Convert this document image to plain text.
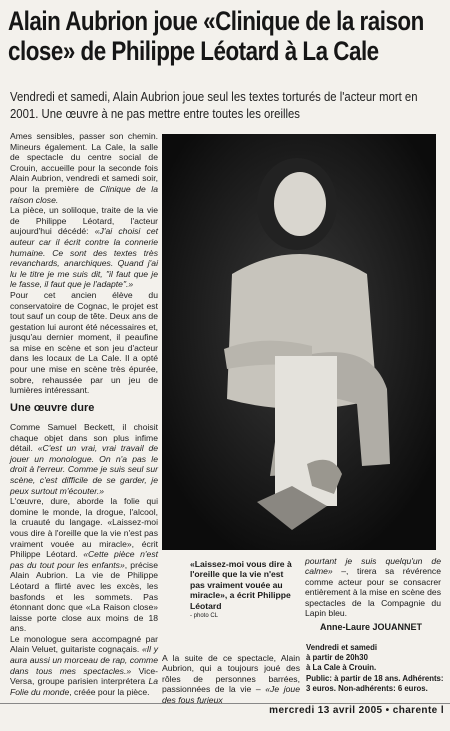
Alain Aubrion joue «Clinique de la raison close» de Philippe Léotard à La Cale

Vendredi et samedi, Alain Aubrion joue seul les textes torturés de l'acteur mort en 2001. Une œuvre à ne pas mettre entre toutes les oreilles

Ames sensibles, passer son chemin. Mineurs également. La Cale, la salle de spectacle du centre social de Crouin, accueille pour la seconde fois Alain Aubrion, vendredi et samedi soir, pour la première de Clinique de la raison close.

La pièce, un soliloque, traite de la vie de Philippe Léotard, l'acteur aujourd'hui décédé: «J'ai choisi cet auteur car il écrit contre la connerie humaine. Ce sont des textes très revanchards, anarchiques. Quand j'ai lu le titre je me suis dit, "il faut que je le fasse, il faut que je l'adapte".»

Pour cet ancien élève du conservatoire de Cognac, le projet est tout sauf un coup de tête. Deux ans de gestation lui auront été nécessaires et, jusqu'au dernier moment, il peaufine sa mise en scène et son jeu d'acteur dans les locaux de La Cale. Il a opté pour une mise en scène très épurée, sobre, rehaussée par un jeu de lumières intéressant.

Une œuvre dure

Comme Samuel Beckett, il choisit chaque objet dans son plus infime détail. «C'est un vrai, vrai travail de jouer un monologue. On n'a pas le droit à l'erreur. Comme je suis seul sur scène, c'est difficile de se garder, je peux surtout m'écouter.»

L'œuvre, dure, aborde la folie qui domine le monde, la drogue, l'alcool, la cruauté du langage. «Laissez-moi vous dire à l'oreille que la vie n'est pas vraiment vouée au miracle», écrit Philippe Léotard. «Cette pièce n'est pas du tout pour les enfants», précise Alain Aubrion. La vie de Philippe Léotard a flirté avec les excès, les basfonds et les sommets. Pas étonnant donc que «La Raison close» laisse porte close aux moins de 18 ans.

Le monologue sera accompagné par Alain Veluet, guitariste cognaçais. «Il y aura aussi un morceau de rap, comme dans tous mes spectacles.» Vice-Versa, groupe parisien interprétera La Folie du monde, créée pour la pièce.

«Laissez-moi vous dire à l'oreille que la vie n'est pas vraiment vouée au miracle», a écrit Philippe Léotard
- photo CL

pourtant je suis quelqu'un de calme» –, tirera sa révérence comme acteur pour se consacrer entièrement à la mise en scène des spectacles de la Compagnie du Lapin bleu.

Anne-Laure JOUANNET

Vendredi et samedi
à partir de 20h30
à La Cale à Crouin.
Public: à partir de 18 ans. Adhérents: 3 euros. Non-adhérents: 6 euros.

A la suite de ce spectacle, Alain Aubrion, qui a toujours joué des rôles de personnes barrées, passionnées de la vie – «Je joue des fous furieux

mercredi 13 avril 2005 • charente l
